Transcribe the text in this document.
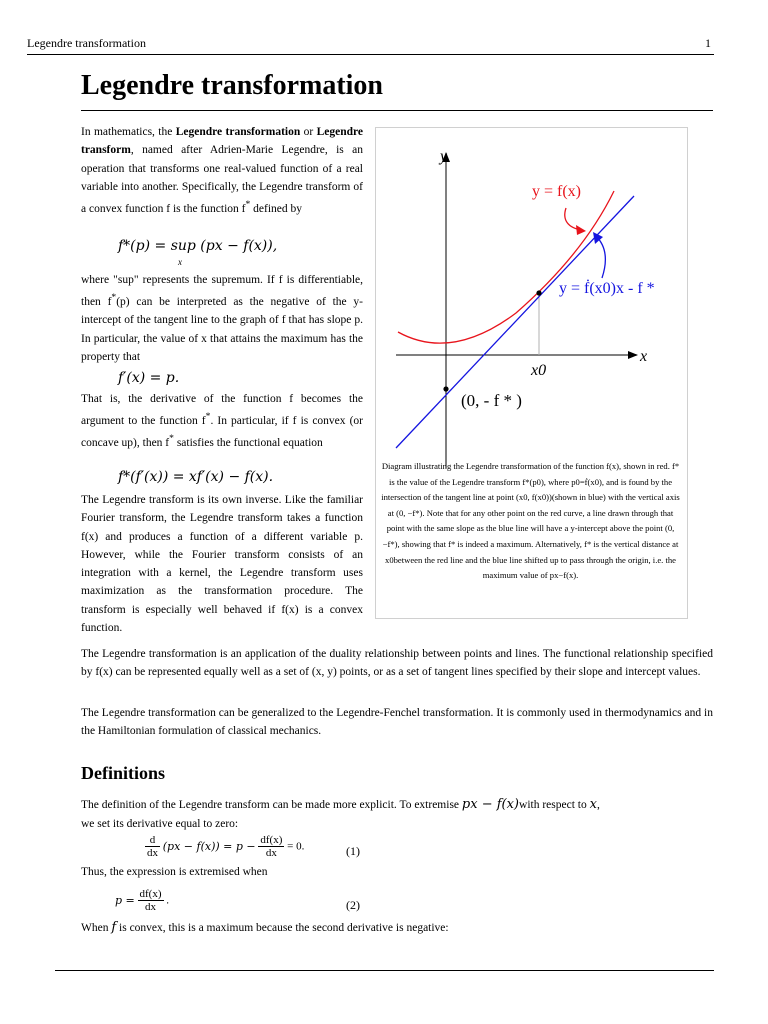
Legendre transformation	1
Legendre transformation
In mathematics, the Legendre transformation or Legendre transform, named after Adrien-Marie Legendre, is an operation that transforms one real-valued function of a real variable into another. Specifically, the Legendre transform of a convex function f is the function f* defined by
f*(p) = sup (px − f(x)),
x
where "sup" represents the supremum. If f is differentiable, then f*(p) can be interpreted as the negative of the y-intercept of the tangent line to the graph of f that has slope p. In particular, the value of x that attains the maximum has the property that
f′(x) = p.
That is, the derivative of the function f becomes the argument to the function f*. In particular, if f is convex (or concave up), then f* satisfies the functional equation
f*(f′(x)) = xf′(x) − f(x).
The Legendre transform is its own inverse. Like the familiar Fourier transform, the Legendre transform takes a function f(x) and produces a function of a different variable p. However, while the Fourier transform consists of an integration with a kernel, the Legendre transform uses maximization as the transformation procedure. The transform is especially well behaved if f(x) is a convex function.
y
x
y = f(x)
y = ḟ(x0)x - f *
x0
(0, - f * )
Diagram illustrating the Legendre transformation of the function f(x), shown in red. f* is the value of the Legendre transform f*(p0), where p0=ḟ(x0), and is found by the intersection of the tangent line at point (x0, f(x0))(shown in blue) with the vertical axis at (0, −f*). Note that for any other point on the red curve, a line drawn through that point with the same slope as the blue line will have a y-intercept above the point (0, −f*), showing that f* is indeed a maximum. Alternatively, f* is the vertical distance at x0between the red line and the blue line shifted up to pass through the origin, i.e. the maximum value of px−f(x).
The Legendre transformation is an application of the duality relationship between points and lines. The functional relationship specified by f(x) can be represented equally well as a set of (x, y) points, or as a set of tangent lines specified by their slope and intercept values.
The Legendre transformation can be generalized to the Legendre-Fenchel transformation. It is commonly used in thermodynamics and in the Hamiltonian formulation of classical mechanics.
Definitions
The definition of the Legendre transform can be made more explicit. To extremise px − f(x)with respect to x,
we set its derivative equal to zero:
$\frac{d}{dx} (px - f(x)) = p - \frac{df(x)}{dx} = 0$.	(1)
Thus, the expression is extremised when
$p = \frac{df(x)}{dx}$ .	(2)
When f is convex, this is a maximum because the second derivative is negative:
